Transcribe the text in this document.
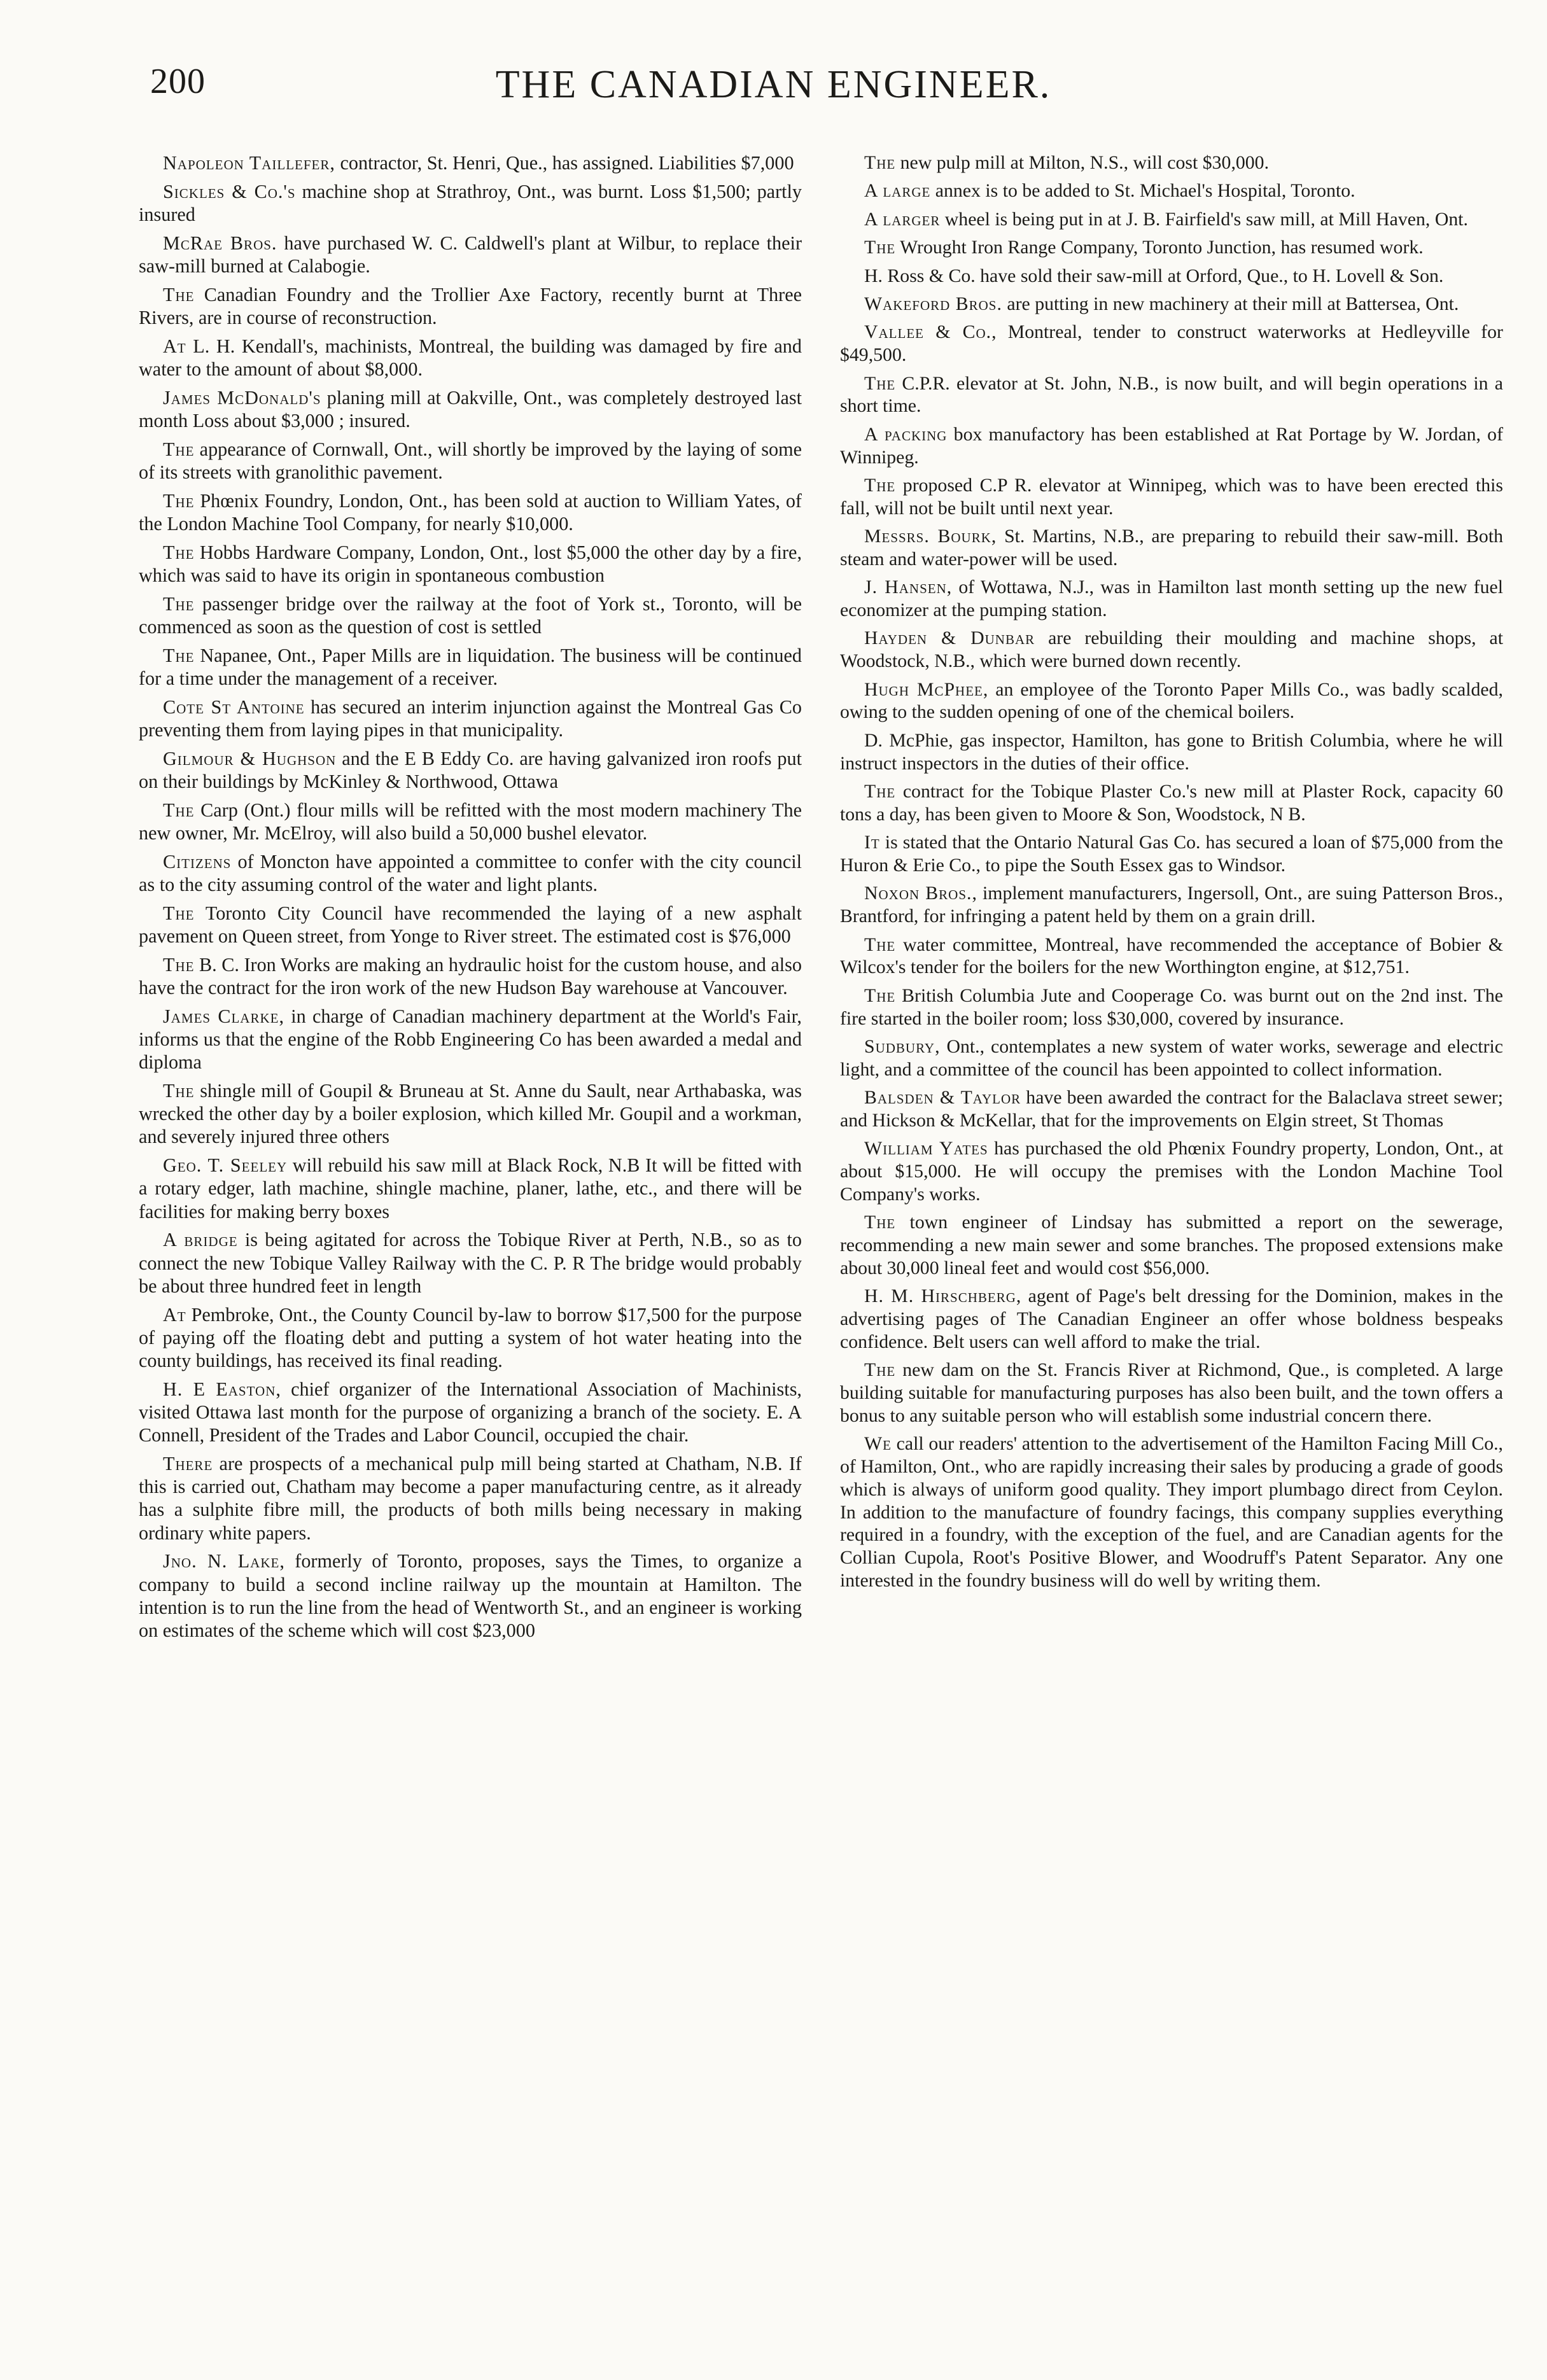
200	THE CANADIAN ENGINEER.

Napoleon Taillefer, contractor, St. Henri, Que., has assigned. Liabilities $7,000

Sickles & Co.'s machine shop at Strathroy, Ont., was burnt. Loss $1,500; partly insured

McRae Bros. have purchased W. C. Caldwell's plant at Wilbur, to replace their saw-mill burned at Calabogie.

The Canadian Foundry and the Trollier Axe Factory, recently burnt at Three Rivers, are in course of reconstruction.

At L. H. Kendall's, machinists, Montreal, the building was damaged by fire and water to the amount of about $8,000.

James McDonald's planing mill at Oakville, Ont., was completely destroyed last month Loss about $3,000 ; insured.

The appearance of Cornwall, Ont., will shortly be improved by the laying of some of its streets with granolithic pavement.

The Phœnix Foundry, London, Ont., has been sold at auction to William Yates, of the London Machine Tool Company, for nearly $10,000.

The Hobbs Hardware Company, London, Ont., lost $5,000 the other day by a fire, which was said to have its origin in spontaneous combustion

The passenger bridge over the railway at the foot of York st., Toronto, will be commenced as soon as the question of cost is settled

The Napanee, Ont., Paper Mills are in liquidation. The business will be continued for a time under the management of a receiver.

Cote St Antoine has secured an interim injunction against the Montreal Gas Co preventing them from laying pipes in that municipality.

Gilmour & Hughson and the E B Eddy Co. are having galvanized iron roofs put on their buildings by McKinley & Northwood, Ottawa

The Carp (Ont.) flour mills will be refitted with the most modern machinery The new owner, Mr. McElroy, will also build a 50,000 bushel elevator.

Citizens of Moncton have appointed a committee to confer with the city council as to the city assuming control of the water and light plants.

The Toronto City Council have recommended the laying of a new asphalt pavement on Queen street, from Yonge to River street. The estimated cost is $76,000

The B. C. Iron Works are making an hydraulic hoist for the custom house, and also have the contract for the iron work of the new Hudson Bay warehouse at Vancouver.

James Clarke, in charge of Canadian machinery department at the World's Fair, informs us that the engine of the Robb Engineering Co has been awarded a medal and diploma

The shingle mill of Goupil & Bruneau at St. Anne du Sault, near Arthabaska, was wrecked the other day by a boiler explosion, which killed Mr. Goupil and a workman, and severely injured three others

Geo. T. Seeley will rebuild his saw mill at Black Rock, N.B It will be fitted with a rotary edger, lath machine, shingle machine, planer, lathe, etc., and there will be facilities for making berry boxes

A bridge is being agitated for across the Tobique River at Perth, N.B., so as to connect the new Tobique Valley Railway with the C. P. R The bridge would probably be about three hundred feet in length

At Pembroke, Ont., the County Council by-law to borrow $17,500 for the purpose of paying off the floating debt and putting a system of hot water heating into the county buildings, has received its final reading.

H. E Easton, chief organizer of the International Association of Machinists, visited Ottawa last month for the purpose of organizing a branch of the society. E. A Connell, President of the Trades and Labor Council, occupied the chair.

There are prospects of a mechanical pulp mill being started at Chatham, N.B. If this is carried out, Chatham may become a paper manufacturing centre, as it already has a sulphite fibre mill, the products of both mills being necessary in making ordinary white papers.

Jno. N. Lake, formerly of Toronto, proposes, says the Times, to organize a company to build a second incline railway up the mountain at Hamilton. The intention is to run the line from the head of Wentworth St., and an engineer is working on estimates of the scheme which will cost $23,000

The new pulp mill at Milton, N.S., will cost $30,000.

A large annex is to be added to St. Michael's Hospital, Toronto.

A larger wheel is being put in at J. B. Fairfield's saw mill, at Mill Haven, Ont.

The Wrought Iron Range Company, Toronto Junction, has resumed work.

H. Ross & Co. have sold their saw-mill at Orford, Que., to H. Lovell & Son.

Wakeford Bros. are putting in new machinery at their mill at Battersea, Ont.

Vallee & Co., Montreal, tender to construct waterworks at Hedleyville for $49,500.

The C.P.R. elevator at St. John, N.B., is now built, and will begin operations in a short time.

A packing box manufactory has been established at Rat Portage by W. Jordan, of Winnipeg.

The proposed C.P R. elevator at Winnipeg, which was to have been erected this fall, will not be built until next year.

Messrs. Bourk, St. Martins, N.B., are preparing to rebuild their saw-mill. Both steam and water-power will be used.

J. Hansen, of Wottawa, N.J., was in Hamilton last month setting up the new fuel economizer at the pumping station.

Hayden & Dunbar are rebuilding their moulding and machine shops, at Woodstock, N.B., which were burned down recently.

Hugh McPhee, an employee of the Toronto Paper Mills Co., was badly scalded, owing to the sudden opening of one of the chemical boilers.

D. McPhie, gas inspector, Hamilton, has gone to British Columbia, where he will instruct inspectors in the duties of their office.

The contract for the Tobique Plaster Co.'s new mill at Plaster Rock, capacity 60 tons a day, has been given to Moore & Son, Woodstock, N B.

It is stated that the Ontario Natural Gas Co. has secured a loan of $75,000 from the Huron & Erie Co., to pipe the South Essex gas to Windsor.

Noxon Bros., implement manufacturers, Ingersoll, Ont., are suing Patterson Bros., Brantford, for infringing a patent held by them on a grain drill.

The water committee, Montreal, have recommended the acceptance of Bobier & Wilcox's tender for the boilers for the new Worthington engine, at $12,751.

The British Columbia Jute and Cooperage Co. was burnt out on the 2nd inst. The fire started in the boiler room; loss $30,000, covered by insurance.

Sudbury, Ont., contemplates a new system of water works, sewerage and electric light, and a committee of the council has been appointed to collect information.

Balsden & Taylor have been awarded the contract for the Balaclava street sewer; and Hickson & McKellar, that for the improvements on Elgin street, St Thomas

William Yates has purchased the old Phœnix Foundry property, London, Ont., at about $15,000. He will occupy the premises with the London Machine Tool Company's works.

The town engineer of Lindsay has submitted a report on the sewerage, recommending a new main sewer and some branches. The proposed extensions make about 30,000 lineal feet and would cost $56,000.

H. M. Hirschberg, agent of Page's belt dressing for the Dominion, makes in the advertising pages of The Canadian Engineer an offer whose boldness bespeaks confidence. Belt users can well afford to make the trial.

The new dam on the St. Francis River at Richmond, Que., is completed. A large building suitable for manufacturing purposes has also been built, and the town offers a bonus to any suitable person who will establish some industrial concern there.

We call our readers' attention to the advertisement of the Hamilton Facing Mill Co., of Hamilton, Ont., who are rapidly increasing their sales by producing a grade of goods which is always of uniform good quality. They import plumbago direct from Ceylon. In addition to the manufacture of foundry facings, this company supplies everything required in a foundry, with the exception of the fuel, and are Canadian agents for the Collian Cupola, Root's Positive Blower, and Woodruff's Patent Separator. Any one interested in the foundry business will do well by writing them.
